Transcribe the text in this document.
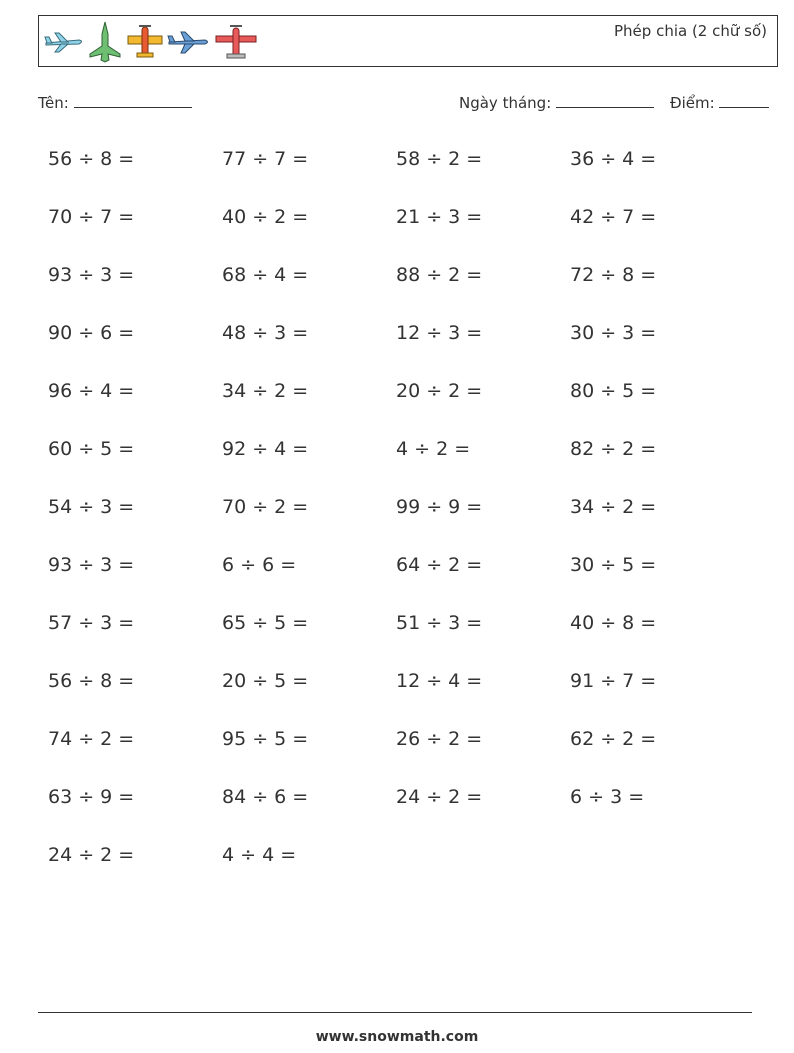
Phép chia (2 chữ số)
Tên:	Ngày tháng:	Điểm:
56 ÷ 8 =	77 ÷ 7 =	58 ÷ 2 =	36 ÷ 4 =
70 ÷ 7 =	40 ÷ 2 =	21 ÷ 3 =	42 ÷ 7 =
93 ÷ 3 =	68 ÷ 4 =	88 ÷ 2 =	72 ÷ 8 =
90 ÷ 6 =	48 ÷ 3 =	12 ÷ 3 =	30 ÷ 3 =
96 ÷ 4 =	34 ÷ 2 =	20 ÷ 2 =	80 ÷ 5 =
60 ÷ 5 =	92 ÷ 4 =	4 ÷ 2 =	82 ÷ 2 =
54 ÷ 3 =	70 ÷ 2 =	99 ÷ 9 =	34 ÷ 2 =
93 ÷ 3 =	6 ÷ 6 =	64 ÷ 2 =	30 ÷ 5 =
57 ÷ 3 =	65 ÷ 5 =	51 ÷ 3 =	40 ÷ 8 =
56 ÷ 8 =	20 ÷ 5 =	12 ÷ 4 =	91 ÷ 7 =
74 ÷ 2 =	95 ÷ 5 =	26 ÷ 2 =	62 ÷ 2 =
63 ÷ 9 =	84 ÷ 6 =	24 ÷ 2 =	6 ÷ 3 =
24 ÷ 2 =	4 ÷ 4 =
www.snowmath.com
